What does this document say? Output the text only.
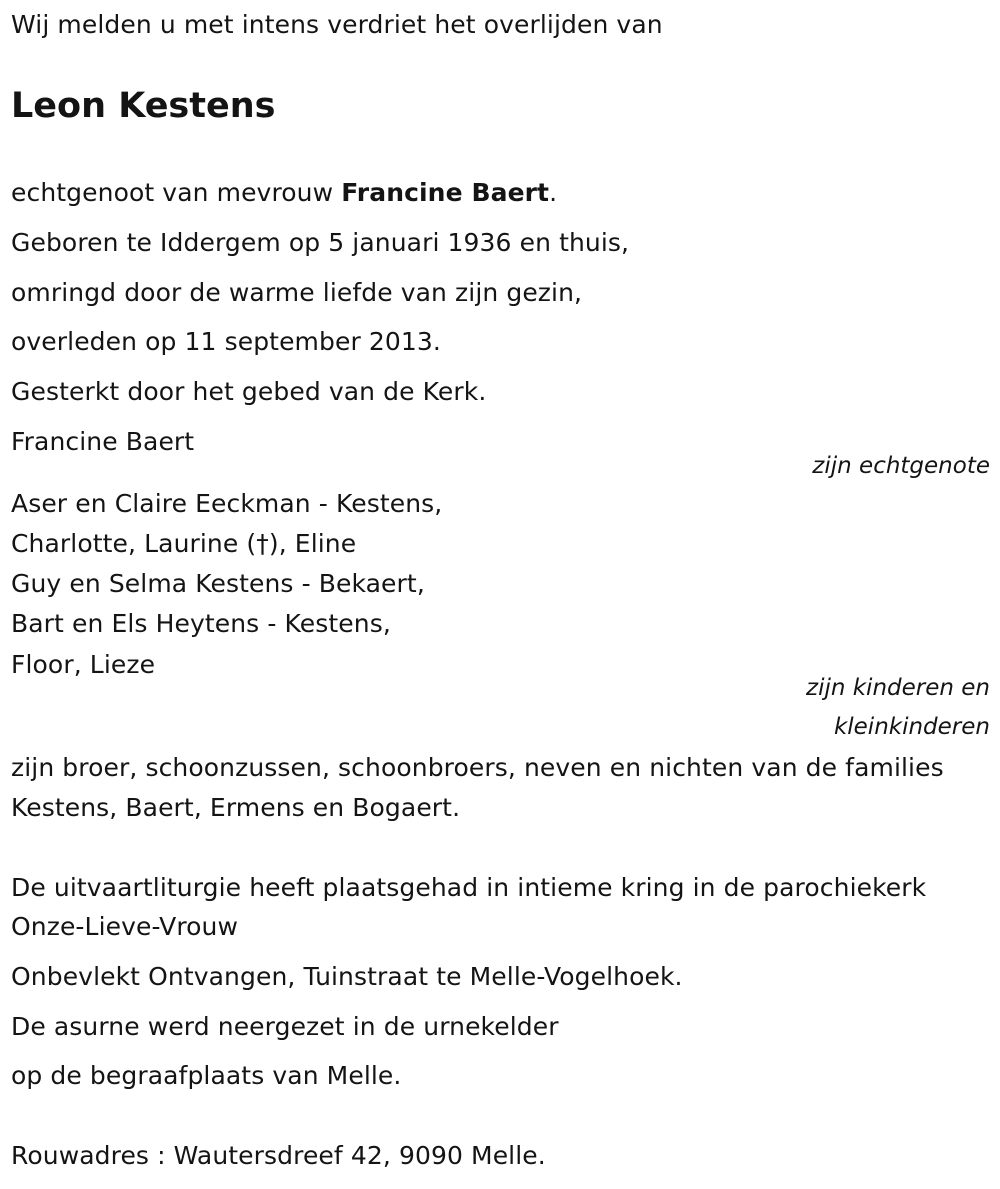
Wij melden u met intens verdriet het overlijden van
Leon Kestens
echtgenoot van mevrouw Francine Baert.
Geboren te Iddergem op 5 januari 1936 en thuis,
omringd door de warme liefde van zijn gezin,
overleden op 11 september 2013.
Gesterkt door het gebed van de Kerk.
Francine Baert
zijn echtgenote
Aser en Claire Eeckman - Kestens,
Charlotte, Laurine (†), Eline
Guy en Selma Kestens - Bekaert,
Bart en Els Heytens - Kestens,
Floor, Lieze
zijn kinderen en
kleinkinderen
zijn broer, schoonzussen, schoonbroers, neven en nichten van de families
Kestens, Baert, Ermens en Bogaert.
De uitvaartliturgie heeft plaatsgehad in intieme kring in de parochiekerk
Onze-Lieve-Vrouw
Onbevlekt Ontvangen, Tuinstraat te Melle-Vogelhoek.
De asurne werd neergezet in de urnekelder
op de begraafplaats van Melle.
Rouwadres : Wautersdreef 42, 9090 Melle.
